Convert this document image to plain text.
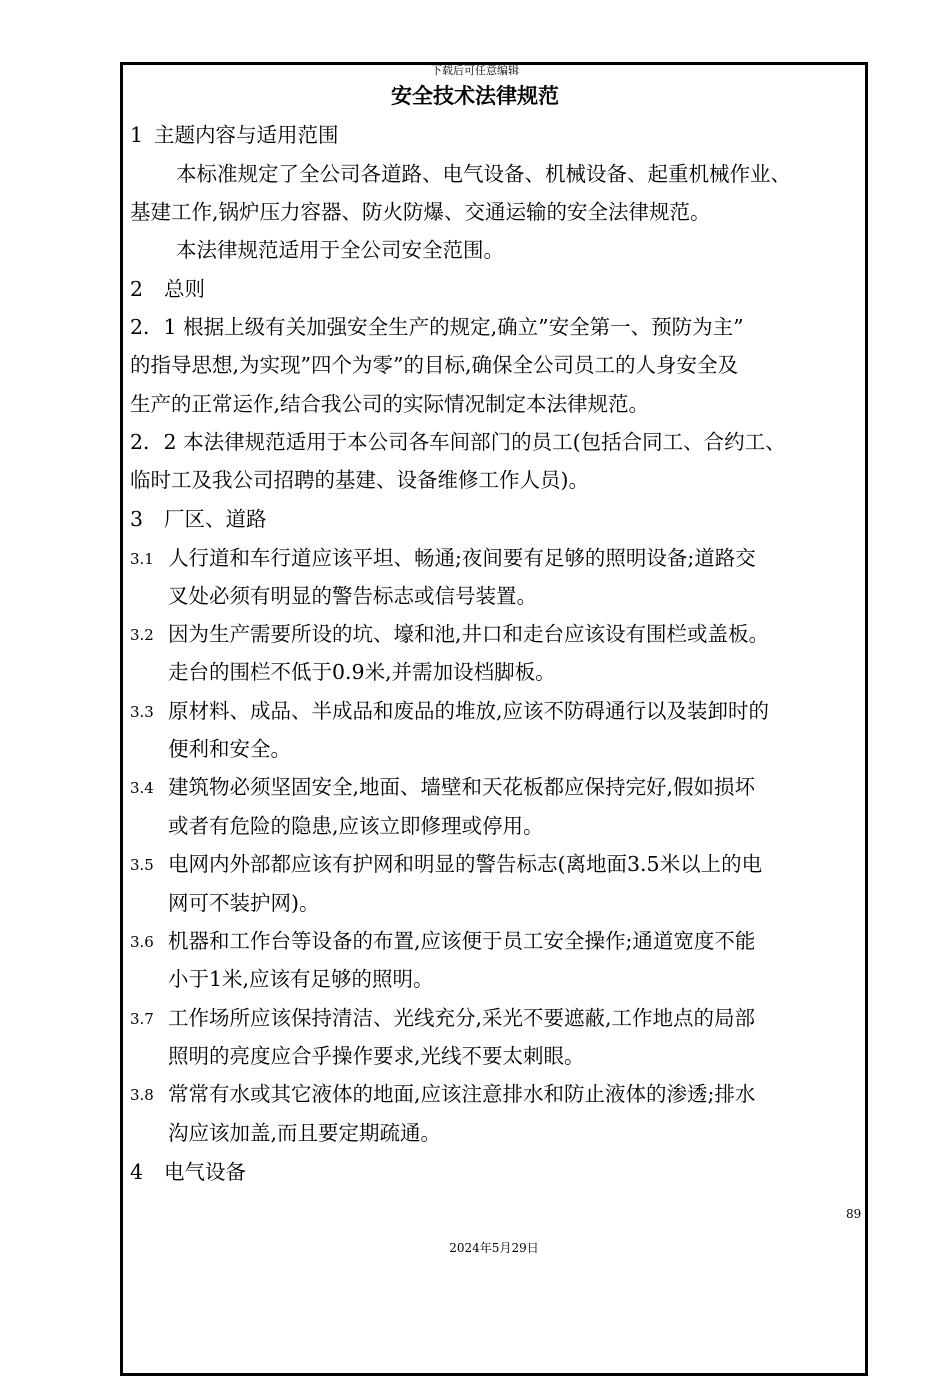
下载后可任意编辑
安全技术法律规范
1 主题内容与适用范围
本标准规定了全公司各道路、电气设备、机械设备、起重机械作业、
基建工作,锅炉压力容器、防火防爆、交通运输的安全法律规范。
本法律规范适用于全公司安全范围。
2 总则
2．1 根据上级有关加强安全生产的规定,确立”安全第一、预防为主”
的指导思想,为实现”四个为零”的目标,确保全公司员工的人身安全及
生产的正常运作,结合我公司的实际情况制定本法律规范。
2．2 本法律规范适用于本公司各车间部门的员工(包括合同工、合约工、
临时工及我公司招聘的基建、设备维修工作人员)。
3 厂区、道路
3.1 人行道和车行道应该平坦、畅通;夜间要有足够的照明设备;道路交
叉处必须有明显的警告标志或信号装置。
3.2 因为生产需要所设的坑、壕和池,井口和走台应该设有围栏或盖板。
走台的围栏不低于0.9米,并需加设档脚板。
3.3 原材料、成品、半成品和废品的堆放,应该不防碍通行以及装卸时的
便利和安全。
3.4 建筑物必须坚固安全,地面、墙壁和天花板都应保持完好,假如损坏
或者有危险的隐患,应该立即修理或停用。
3.5 电网内外部都应该有护网和明显的警告标志(离地面3.5米以上的电
网可不装护网)。
3.6 机器和工作台等设备的布置,应该便于员工安全操作;通道宽度不能
小于1米,应该有足够的照明。
3.7 工作场所应该保持清洁、光线充分,采光不要遮蔽,工作地点的局部
照明的亮度应合乎操作要求,光线不要太刺眼。
3.8 常常有水或其它液体的地面,应该注意排水和防止液体的渗透;排水
沟应该加盖,而且要定期疏通。
4 电气设备
89
2024年5月29日
